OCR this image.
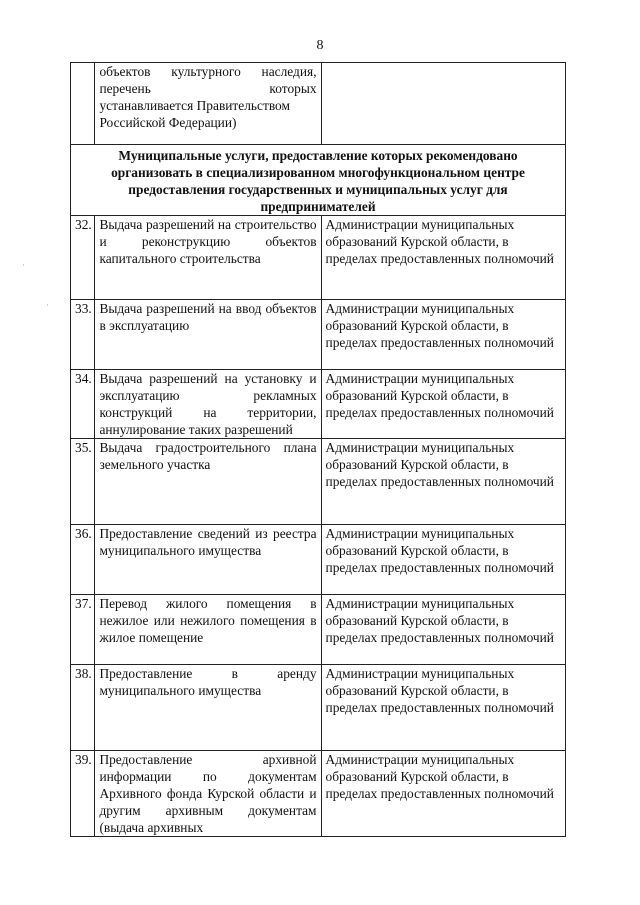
8
·
·

	объектов культурного наследия,
перечень которых
устанавливается Правительством
Российской Федерации)	

Муниципальные услуги, предоставление которых рекомендовано организовать в специализированном многофункциональном центре предоставления государственных и муниципальных услуг для предпринимателей		
32.	Выдача разрешений на строительство и реконструкцию объектов капитального строительства	Администрации муниципальных образований Курской области, в пределах предоставленных полномочий
33.	Выдача разрешений на ввод объектов в эксплуатацию	Администрации муниципальных образований Курской области, в пределах предоставленных полномочий
34.	Выдача разрешений на установку и эксплуатацию рекламных конструкций на территории, аннулирование таких разрешений	Администрации муниципальных образований Курской области, в пределах предоставленных полномочий
35.	Выдача градостроительного плана земельного участка	Администрации муниципальных образований Курской области, в пределах предоставленных полномочий
36.	Предоставление сведений из реестра муниципального имущества	Администрации муниципальных образований Курской области, в пределах предоставленных полномочий
37.	Перевод жилого помещения в нежилое или нежилого помещения в жилое помещение	Администрации муниципальных образований Курской области, в пределах предоставленных полномочий
38.	Предоставление в аренду муниципального имущества	Администрации муниципальных образований Курской области, в пределах предоставленных полномочий
39.	Предоставление архивной информации по документам Архивного фонда Курской области и другим архивным документам (выдача архивных	Администрации муниципальных образований Курской области, в пределах предоставленных полномочий
